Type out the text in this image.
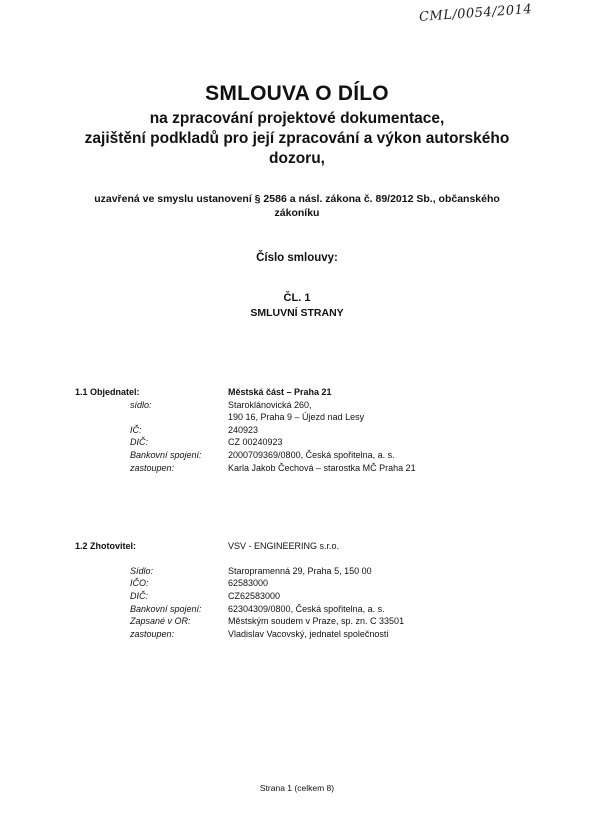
CML/0054/2014
SMLOUVA O DÍLO
na zpracování projektové dokumentace,
zajištění podkladů pro její zpracování a výkon autorského
dozoru,
uzavřená ve smyslu ustanovení § 2586 a násl. zákona č. 89/2012 Sb., občanského
zákoníku
Číslo smlouvy:
ČL. 1
SMLUVNÍ STRANY
1.1 Objednatel:	Městská část – Praha 21
sídlo:	Staroklánovická 260,
190 16, Praha 9 – Újezd nad Lesy
IČ:	240923
DIČ:	CZ 00240923
Bankovní spojení:	2000709369/0800, Česká spořitelna, a. s.
zastoupen:	Karla Jakob Čechová – starostka MČ Praha 21
1.2 Zhotovitel:	VSV - ENGINEERING s.r.o.
Sídlo:	Staropramenná 29, Praha 5, 150 00
IČO:	62583000
DIČ:	CZ62583000
Bankovní spojení:	62304309/0800, Česká spořitelna, a. s.
Zapsané v OR:	Městským soudem v Praze, sp. zn. C 33501
zastoupen:	Vladislav Vacovský, jednatel společnosti
Strana 1 (celkem 8)
